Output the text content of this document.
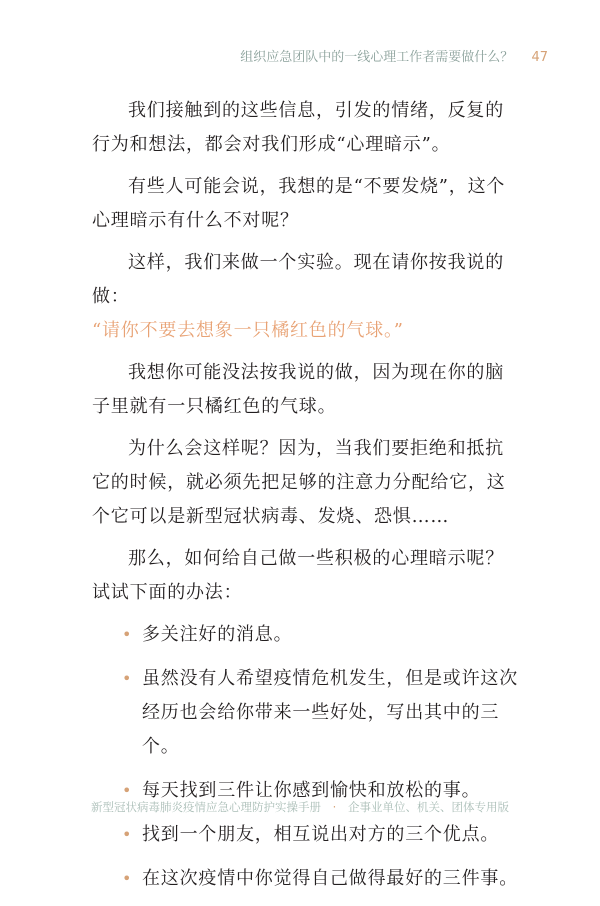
组织应急团队中的一线心理工作者需要做什么？ 47

我们接触到的这些信息，引发的情绪，反复的行为和想法，都会对我们形成“心理暗示”。

有些人可能会说，我想的是“不要发烧”，这个心理暗示有什么不对呢？

这样，我们来做一个实验。现在请你按我说的做：

“请你不要去想象一只橘红色的气球。”

我想你可能没法按我说的做，因为现在你的脑子里就有一只橘红色的气球。

为什么会这样呢？因为，当我们要拒绝和抵抗它的时候，就必须先把足够的注意力分配给它，这个它可以是新型冠状病毒、发烧、恐惧……

那么，如何给自己做一些积极的心理暗示呢？试试下面的办法：

• 多关注好的消息。
• 虽然没有人希望疫情危机发生，但是或许这次经历也会给你带来一些好处，写出其中的三个。
• 每天找到三件让你感到愉快和放松的事。
• 找到一个朋友，相互说出对方的三个优点。
• 在这次疫情中你觉得自己做得最好的三件事。
新型冠状病毒肺炎疫情应急心理防护实操手册 · 企事业单位、机关、团体专用版
